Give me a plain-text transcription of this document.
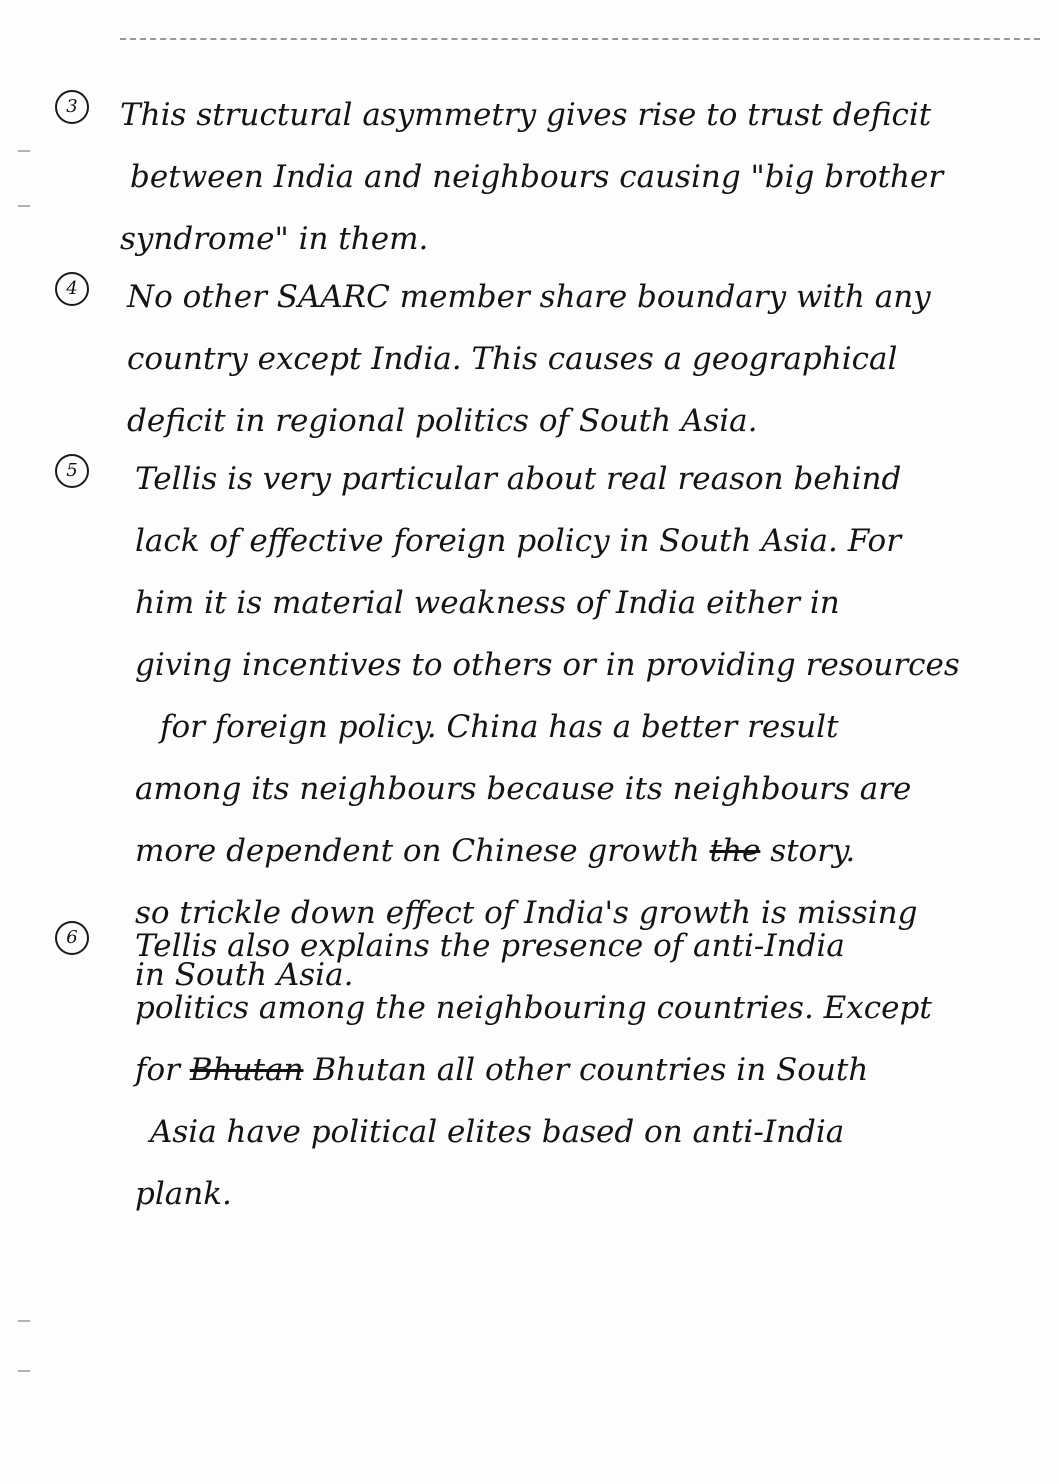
3	This structural asymmetry gives rise to trust deficit
between India and neighbours causing "big brother
syndrome" in them.
4	No other SAARC member share boundary with any
country except India. This causes a geographical
deficit in regional politics of South Asia.
5	Tellis is very particular about real reason behind
lack of effective foreign policy in South Asia. For
him it is material weakness of India either in
giving incentives to others or in providing resources
for foreign policy. China has a better result
among its neighbours because its neighbours are
more dependent on Chinese growth the story.
so trickle down effect of India's growth is missing
in South Asia.
6	Tellis also explains the presence of anti-India
politics among the neighbouring countries. Except
for Bhutan Bhutan all other countries in South
Asia have political elites based on anti-India
plank.
